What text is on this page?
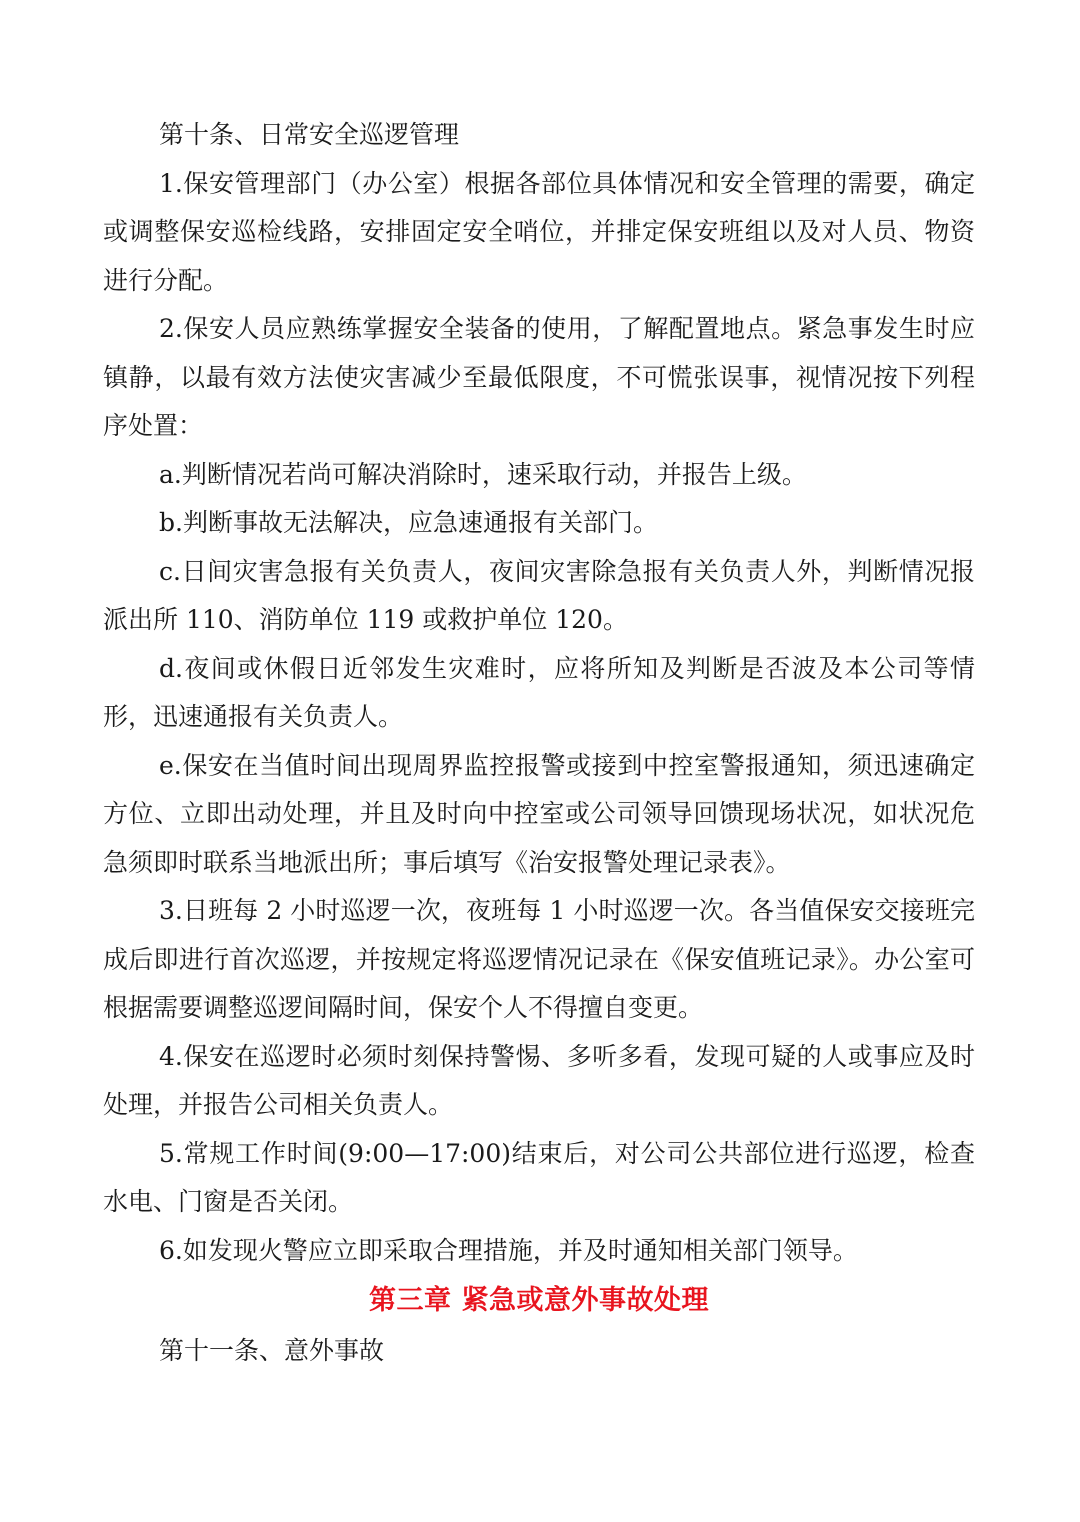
第十条、日常安全巡逻管理

1.保安管理部门（办公室）根据各部位具体情况和安全管理的需要，确定或调整保安巡检线路，安排固定安全哨位，并排定保安班组以及对人员、物资进行分配。

2.保安人员应熟练掌握安全装备的使用，了解配置地点。紧急事发生时应镇静，以最有效方法使灾害减少至最低限度，不可慌张误事，视情况按下列程序处置：

a.判断情况若尚可解决消除时，速采取行动，并报告上级。

b.判断事故无法解决，应急速通报有关部门。

c.日间灾害急报有关负责人，夜间灾害除急报有关负责人外，判断情况报派出所 110、消防单位 119 或救护单位 120。

d.夜间或休假日近邻发生灾难时，应将所知及判断是否波及本公司等情形，迅速通报有关负责人。

e.保安在当值时间出现周界监控报警或接到中控室警报通知，须迅速确定方位、立即出动处理，并且及时向中控室或公司领导回馈现场状况，如状况危急须即时联系当地派出所；事后填写《治安报警处理记录表》。

3.日班每 2 小时巡逻一次，夜班每 1 小时巡逻一次。各当值保安交接班完成后即进行首次巡逻，并按规定将巡逻情况记录在《保安值班记录》。办公室可根据需要调整巡逻间隔时间，保安个人不得擅自变更。

4.保安在巡逻时必须时刻保持警惕、多听多看，发现可疑的人或事应及时处理，并报告公司相关负责人。

5.常规工作时间(9:00—17:00)结束后，对公司公共部位进行巡逻，检查水电、门窗是否关闭。

6.如发现火警应立即采取合理措施，并及时通知相关部门领导。

第三章 紧急或意外事故处理

第十一条、意外事故
